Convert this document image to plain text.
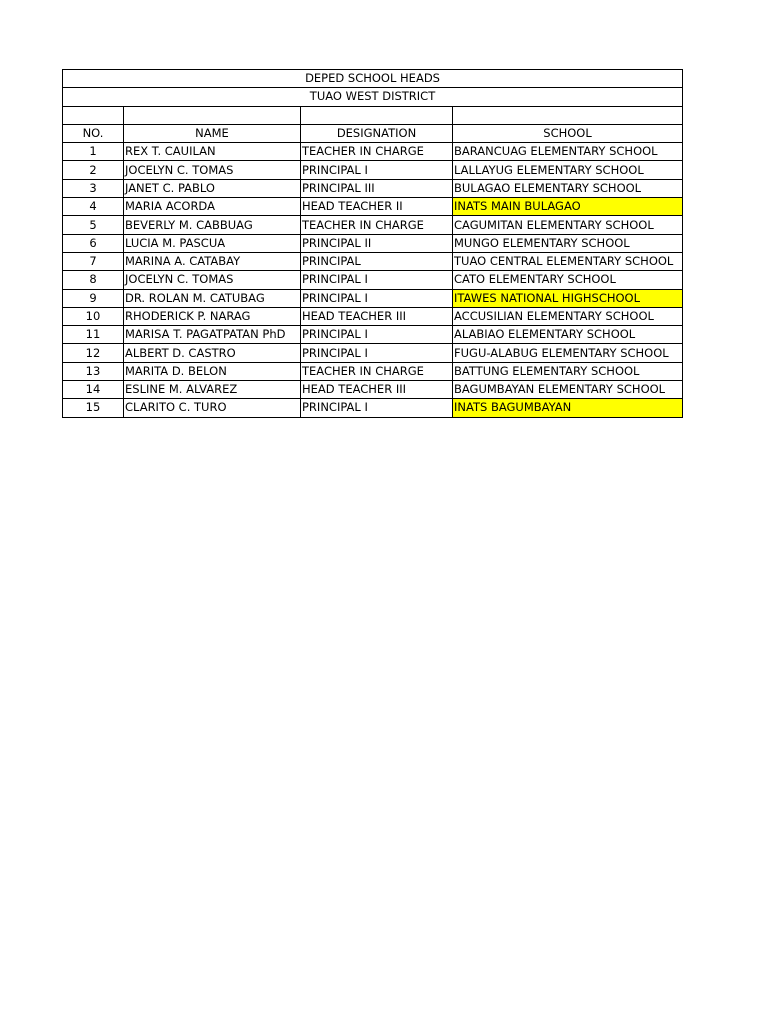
DEPED SCHOOL HEADS			
TUAO WEST DISTRICT			

NO.	NAME	DESIGNATION	SCHOOL
1	REX T. CAUILAN	TEACHER IN CHARGE	BARANCUAG ELEMENTARY SCHOOL
2	JOCELYN C. TOMAS	PRINCIPAL I	LALLAYUG ELEMENTARY SCHOOL
3	JANET C. PABLO	PRINCIPAL III	BULAGAO ELEMENTARY SCHOOL
4	MARIA ACORDA	HEAD TEACHER II	INATS MAIN BULAGAO
5	BEVERLY M. CABBUAG	TEACHER IN CHARGE	CAGUMITAN ELEMENTARY SCHOOL
6	LUCIA M. PASCUA	PRINCIPAL II	MUNGO ELEMENTARY SCHOOL
7	MARINA A. CATABAY	PRINCIPAL	TUAO CENTRAL ELEMENTARY SCHOOL
8	JOCELYN C. TOMAS	PRINCIPAL I	CATO ELEMENTARY SCHOOL
9	DR. ROLAN M. CATUBAG	PRINCIPAL I	ITAWES NATIONAL HIGHSCHOOL
10	RHODERICK P. NARAG	HEAD TEACHER III	ACCUSILIAN ELEMENTARY SCHOOL
11	MARISA T. PAGATPATAN PhD	PRINCIPAL I	ALABIAO ELEMENTARY SCHOOL
12	ALBERT D. CASTRO	PRINCIPAL I	FUGU-ALABUG ELEMENTARY SCHOOL
13	MARITA D. BELON	TEACHER IN CHARGE	BATTUNG ELEMENTARY SCHOOL
14	ESLINE M. ALVAREZ	HEAD TEACHER III	BAGUMBAYAN ELEMENTARY SCHOOL
15	CLARITO C. TURO	PRINCIPAL I	INATS BAGUMBAYAN
